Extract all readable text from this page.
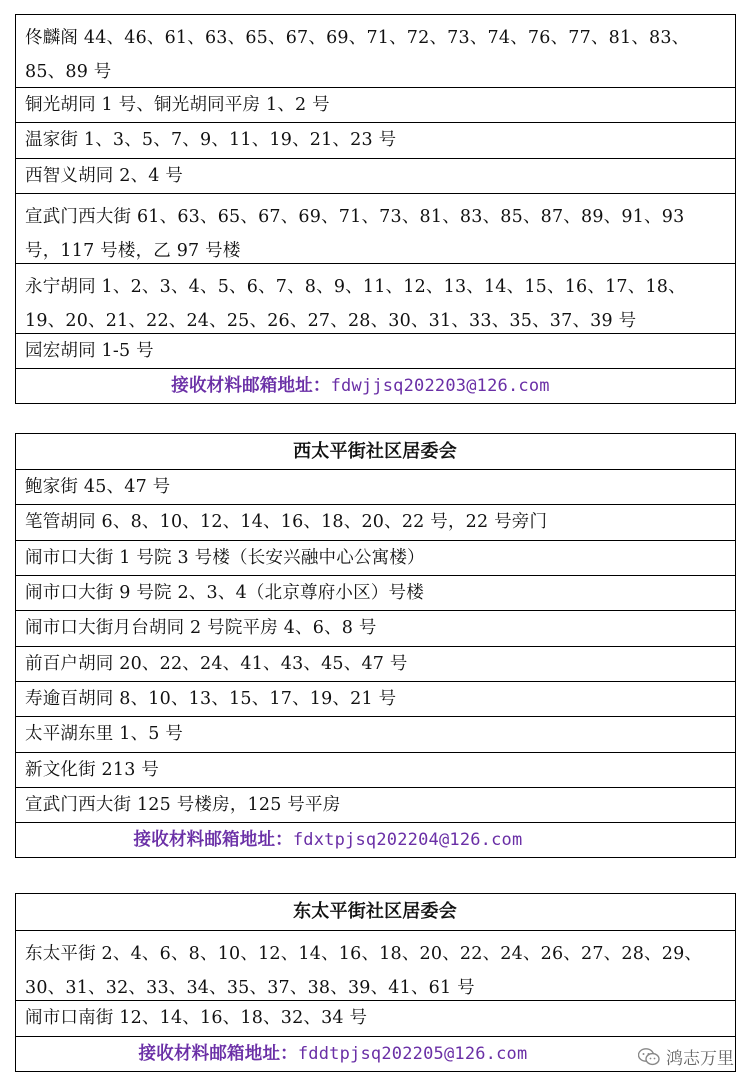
佟麟阁 44、46、61、63、65、67、69、71、72、73、74、76、77、81、83、85、89 号
铜光胡同 1 号、铜光胡同平房 1、2 号
温家街 1、3、5、7、9、11、19、21、23 号
西智义胡同 2、4 号
宣武门西大街 61、63、65、67、69、71、73、81、83、85、87、89、91、93 号，117 号楼，乙 97 号楼
永宁胡同 1、2、3、4、5、6、7、8、9、11、12、13、14、15、16、17、18、19、20、21、22、24、25、26、27、28、30、31、33、35、37、39 号
园宏胡同 1-5 号
接收材料邮箱地址：fdwjjsq202203@126.com
西太平街社区居委会
鲍家街 45、47 号
笔管胡同 6、8、10、12、14、16、18、20、22 号，22 号旁门
闹市口大街 1 号院 3 号楼（长安兴融中心公寓楼）
闹市口大街 9 号院 2、3、4（北京尊府小区）号楼
闹市口大街月台胡同 2 号院平房 4、6、8 号
前百户胡同 20、22、24、41、43、45、47 号
寿逾百胡同 8、10、13、15、17、19、21 号
太平湖东里 1、5 号
新文化街 213 号
宣武门西大街 125 号楼房，125 号平房
接收材料邮箱地址：fdxtpjsq202204@126.com
东太平街社区居委会
东太平街 2、4、6、8、10、12、14、16、18、20、22、24、26、27、28、29、30、31、32、33、34、35、37、38、39、41、61 号
闹市口南街 12、14、16、18、32、34 号
接收材料邮箱地址：fddtpjsq202205@126.com	鸿志万里
